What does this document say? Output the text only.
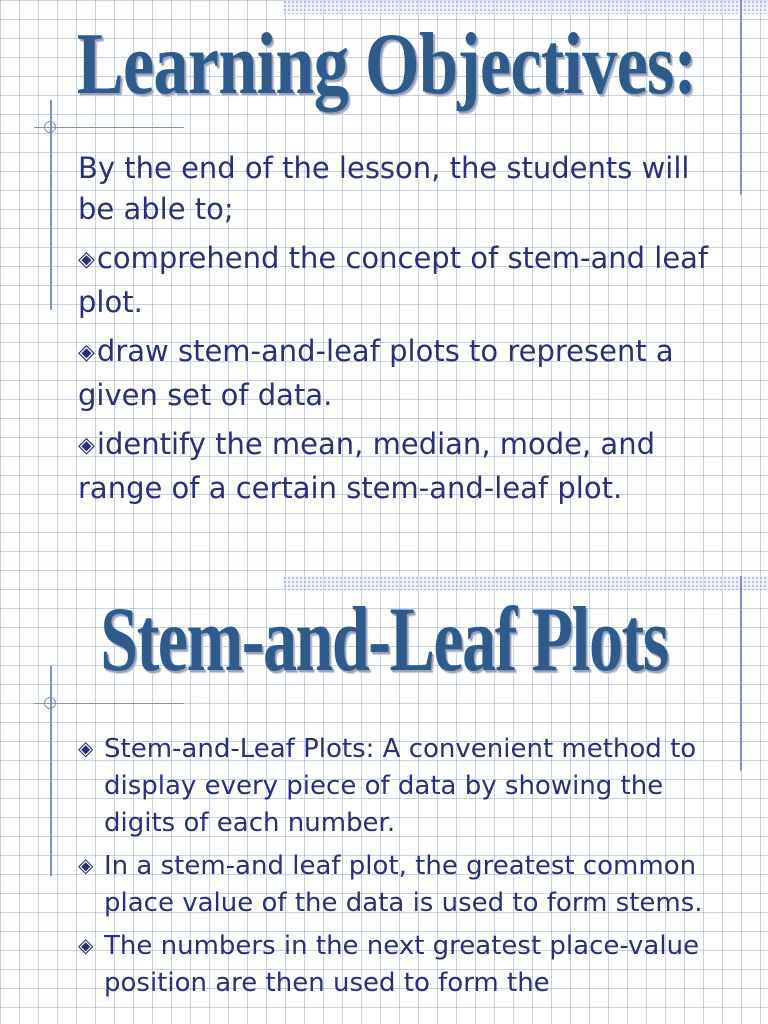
Learning Objectives:

By the end of the lesson, the students will be able to;

◈comprehend the concept of stem-and leaf plot.

◈draw stem-and-leaf plots to represent a given set of data.

◈identify the mean, median, mode, and range of a certain stem-and-leaf plot.

Stem-and-Leaf Plots
◈ Stem-and-Leaf Plots: A convenient method to display every piece of data by showing the digits of each number.
◈ In a stem-and leaf plot, the greatest common place value of the data is used to form stems.
◈ The numbers in the next greatest place-value position are then used to form the
